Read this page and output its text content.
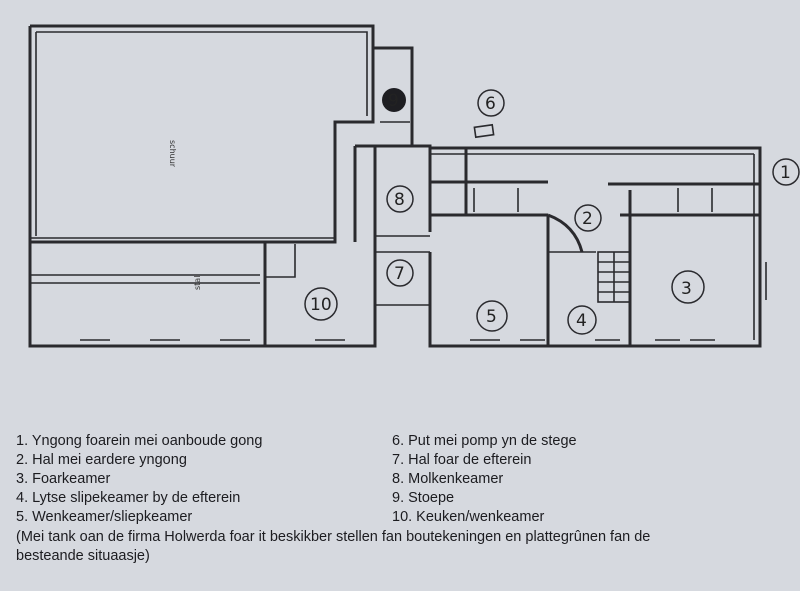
schuur
stal
1
2
3
4
5
6
7
8
9
10
1. Yngong foarein mei oanboude gong
2. Hal mei eardere yngong
3. Foarkeamer
4. Lytse slipekeamer by de efterein
5. Wenkeamer/sliepkeamer
6. Put mei pomp yn de stege
7. Hal foar de efterein
8. Molkenkeamer
9. Stoepe
10. Keuken/wenkeamer
(Mei tank oan de firma Holwerda foar it beskikber stellen fan boutekeningen en plattegrûnen fan de besteande situaasje)
